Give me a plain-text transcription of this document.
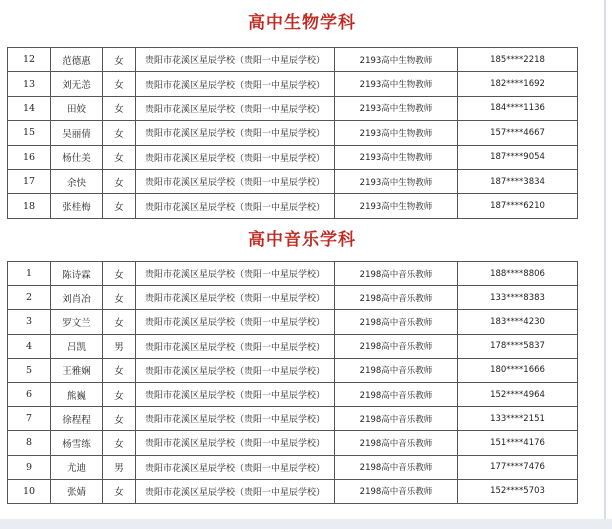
高中生物学科
12	范德惠	女	贵阳市花溪区星辰学校（贵阳一中星辰学校）	2193高中生物教师	185****2218
13	刘无恙	女	贵阳市花溪区星辰学校（贵阳一中星辰学校）	2193高中生物教师	182****1692
14	田姣	女	贵阳市花溪区星辰学校（贵阳一中星辰学校）	2193高中生物教师	184****1136
15	吴丽倩	女	贵阳市花溪区星辰学校（贵阳一中星辰学校）	2193高中生物教师	157****4667
16	杨仕美	女	贵阳市花溪区星辰学校（贵阳一中星辰学校）	2193高中生物教师	187****9054
17	余快	女	贵阳市花溪区星辰学校（贵阳一中星辰学校）	2193高中生物教师	187****3834
18	张桂梅	女	贵阳市花溪区星辰学校（贵阳一中星辰学校）	2193高中生物教师	187****6210
高中音乐学科
1	陈诗霖	女	贵阳市花溪区星辰学校（贵阳一中星辰学校）	2198高中音乐教师	188****8806
2	刘肖冶	女	贵阳市花溪区星辰学校（贵阳一中星辰学校）	2198高中音乐教师	133****8383
3	罗文兰	女	贵阳市花溪区星辰学校（贵阳一中星辰学校）	2198高中音乐教师	183****4230
4	吕凯	男	贵阳市花溪区星辰学校（贵阳一中星辰学校）	2198高中音乐教师	178****5837
5	王雅娴	女	贵阳市花溪区星辰学校（贵阳一中星辰学校）	2198高中音乐教师	180****1666
6	熊巍	女	贵阳市花溪区星辰学校（贵阳一中星辰学校）	2198高中音乐教师	152****4964
7	徐程程	女	贵阳市花溪区星辰学校（贵阳一中星辰学校）	2198高中音乐教师	133****2151
8	杨雪练	女	贵阳市花溪区星辰学校（贵阳一中星辰学校）	2198高中音乐教师	151****4176
9	尤迪	男	贵阳市花溪区星辰学校（贵阳一中星辰学校）	2198高中音乐教师	177****7476
10	张婧	女	贵阳市花溪区星辰学校（贵阳一中星辰学校）	2198高中音乐教师	152****5703
